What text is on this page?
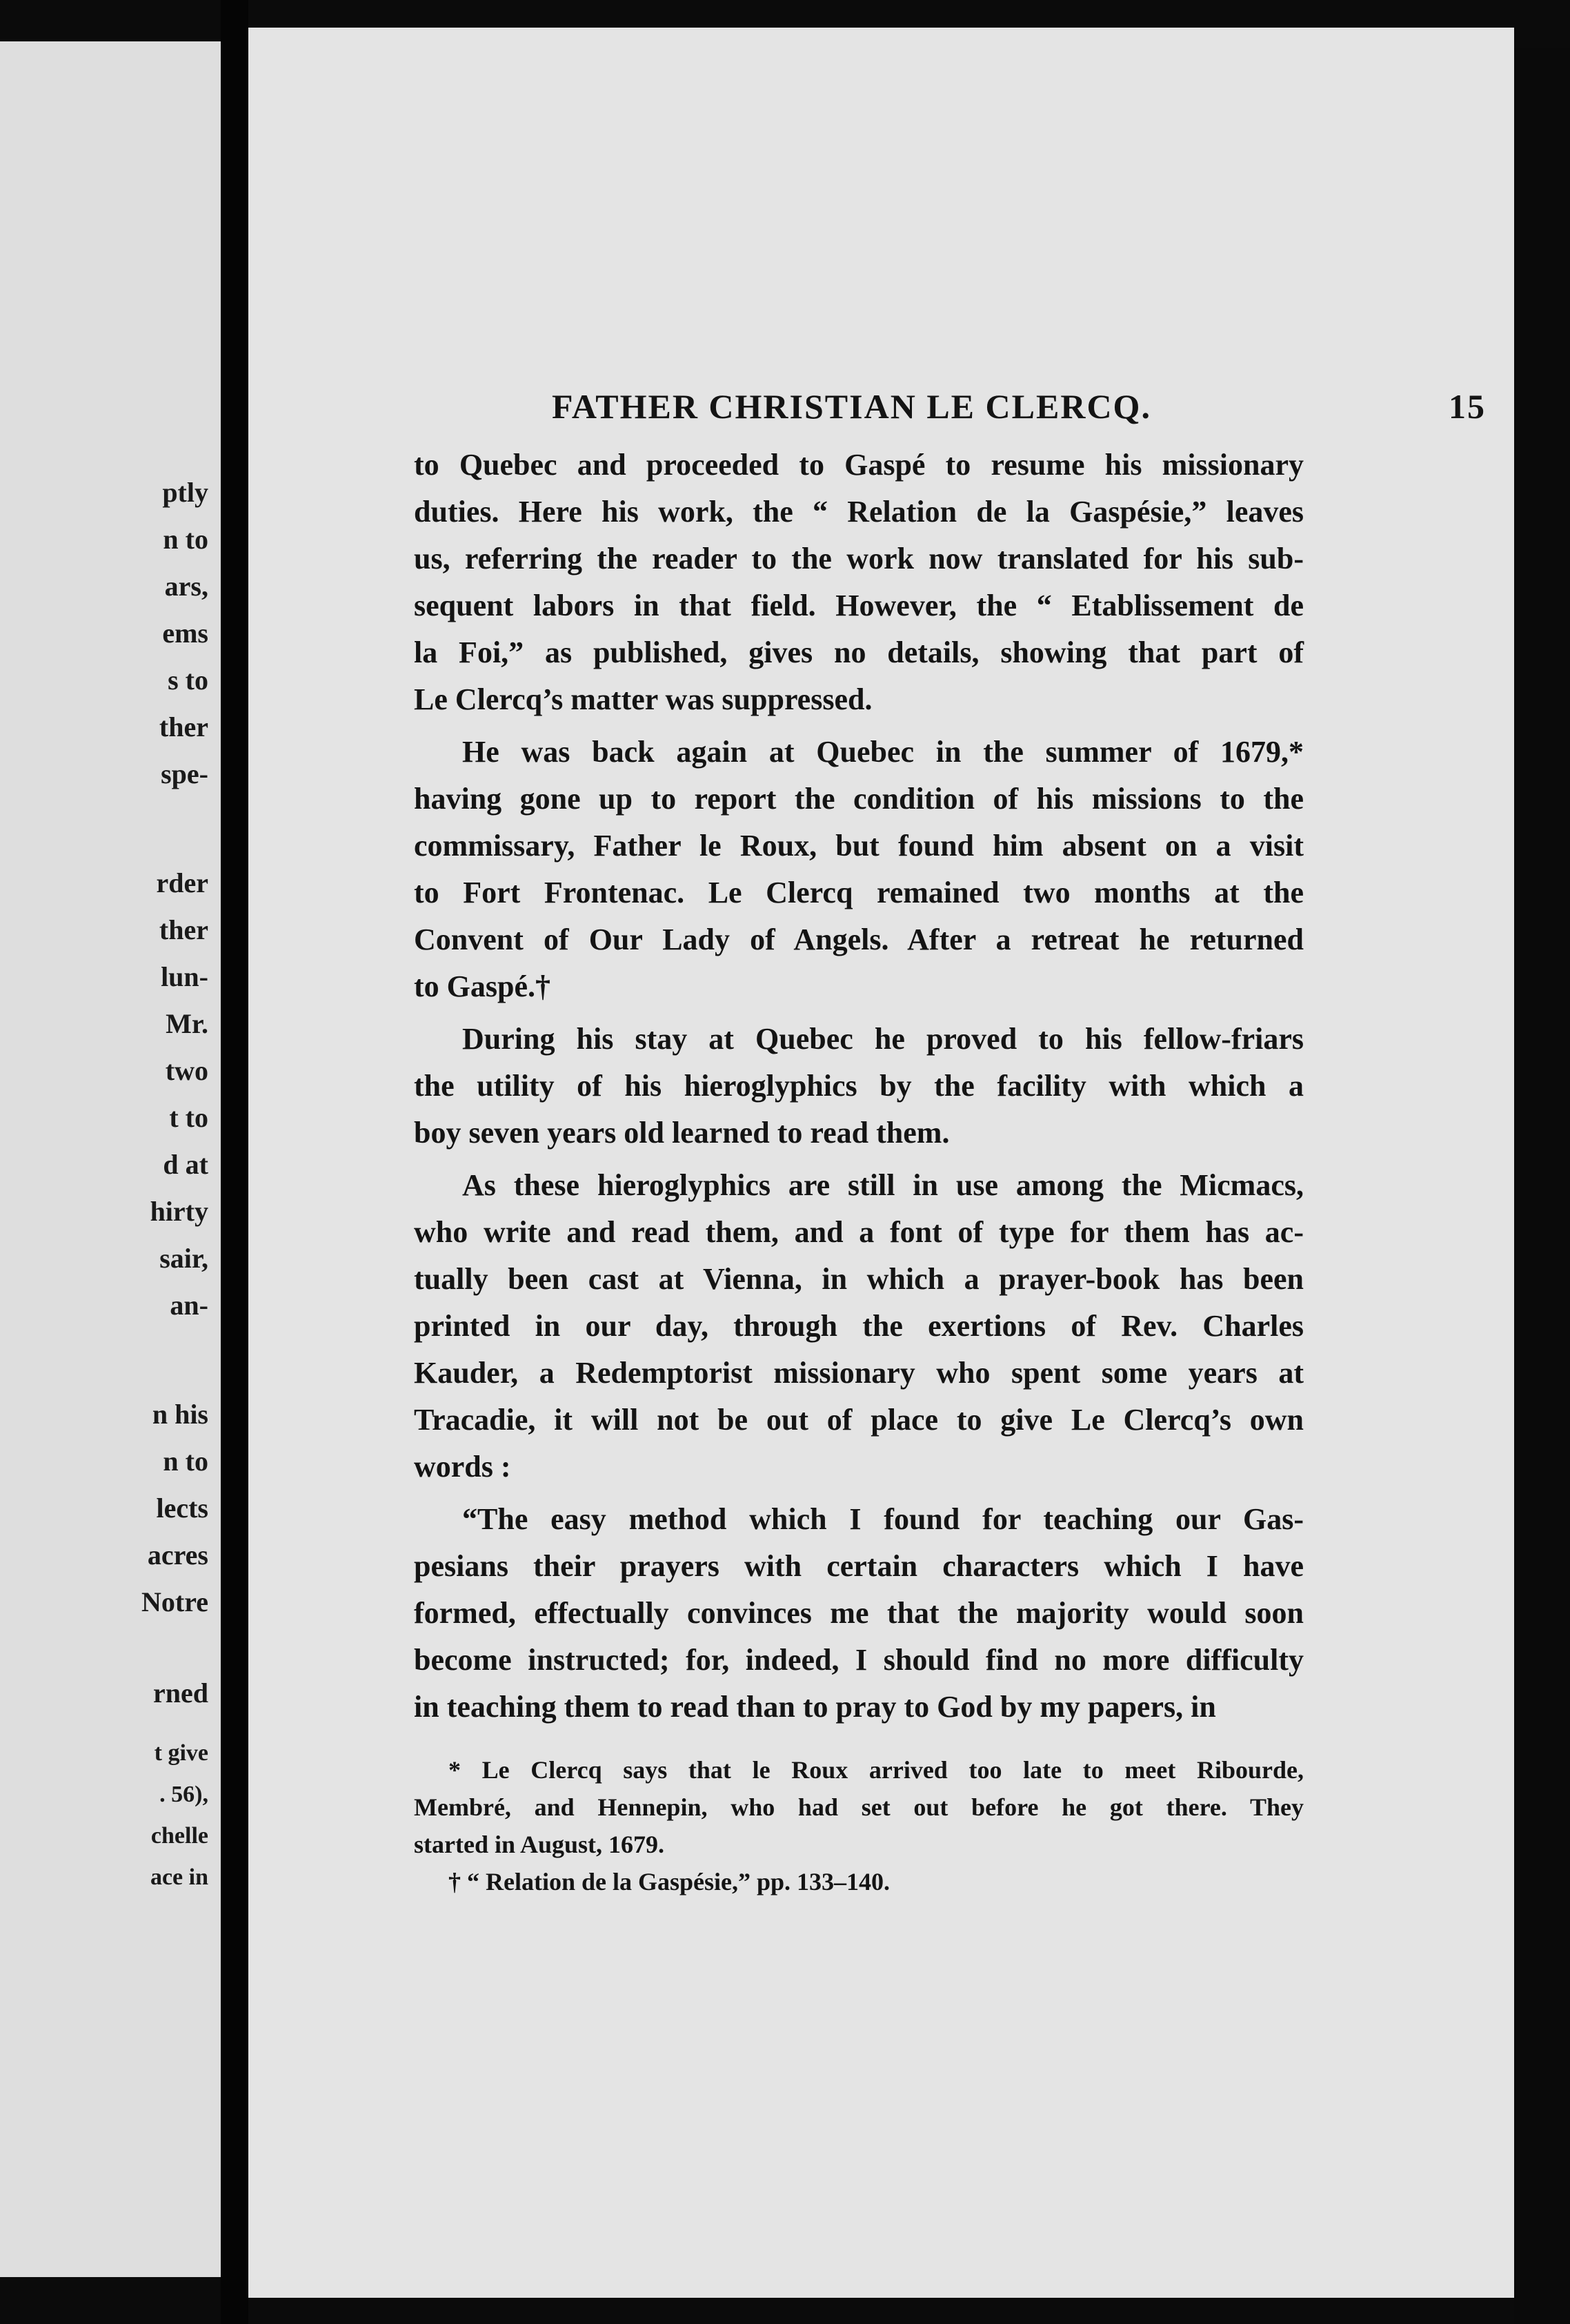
ptly
n to
ars,
ems
s to
ther
spe-
rder
ther
lun-
Mr.
two
t to
d at
hirty
sair,
an-
n his
n to
lects
acres
Notre
rned
t give
. 56),
chelle
ace in
FATHER CHRISTIAN LE CLERCQ.	15

to Quebec and proceeded to Gaspé to resume his missionary
duties. Here his work, the “ Relation de la Gaspésie,” leaves
us, referring the reader to the work now translated for his sub-
sequent labors in that field. However, the “ Etablissement de
la Foi,” as published, gives no details, showing that part of
Le Clercq’s matter was suppressed.

He was back again at Quebec in the summer of 1679,*
having gone up to report the condition of his missions to the
commissary, Father le Roux, but found him absent on a visit
to Fort Frontenac. Le Clercq remained two months at the
Convent of Our Lady of Angels. After a retreat he returned
to Gaspé.†

During his stay at Quebec he proved to his fellow-friars
the utility of his hieroglyphics by the facility with which a
boy seven years old learned to read them.

As these hieroglyphics are still in use among the Micmacs,
who write and read them, and a font of type for them has ac-
tually been cast at Vienna, in which a prayer-book has been
printed in our day, through the exertions of Rev. Charles
Kauder, a Redemptorist missionary who spent some years at
Tracadie, it will not be out of place to give Le Clercq’s own
words :

“The easy method which I found for teaching our Gas-
pesians their prayers with certain characters which I have
formed, effectually convinces me that the majority would soon
become instructed; for, indeed, I should find no more difficulty
in teaching them to read than to pray to God by my papers, in

* Le Clercq says that le Roux arrived too late to meet Ribourde,
Membré, and Hennepin, who had set out before he got there. They
started in August, 1679.
† “ Relation de la Gaspésie,” pp. 133–140.
